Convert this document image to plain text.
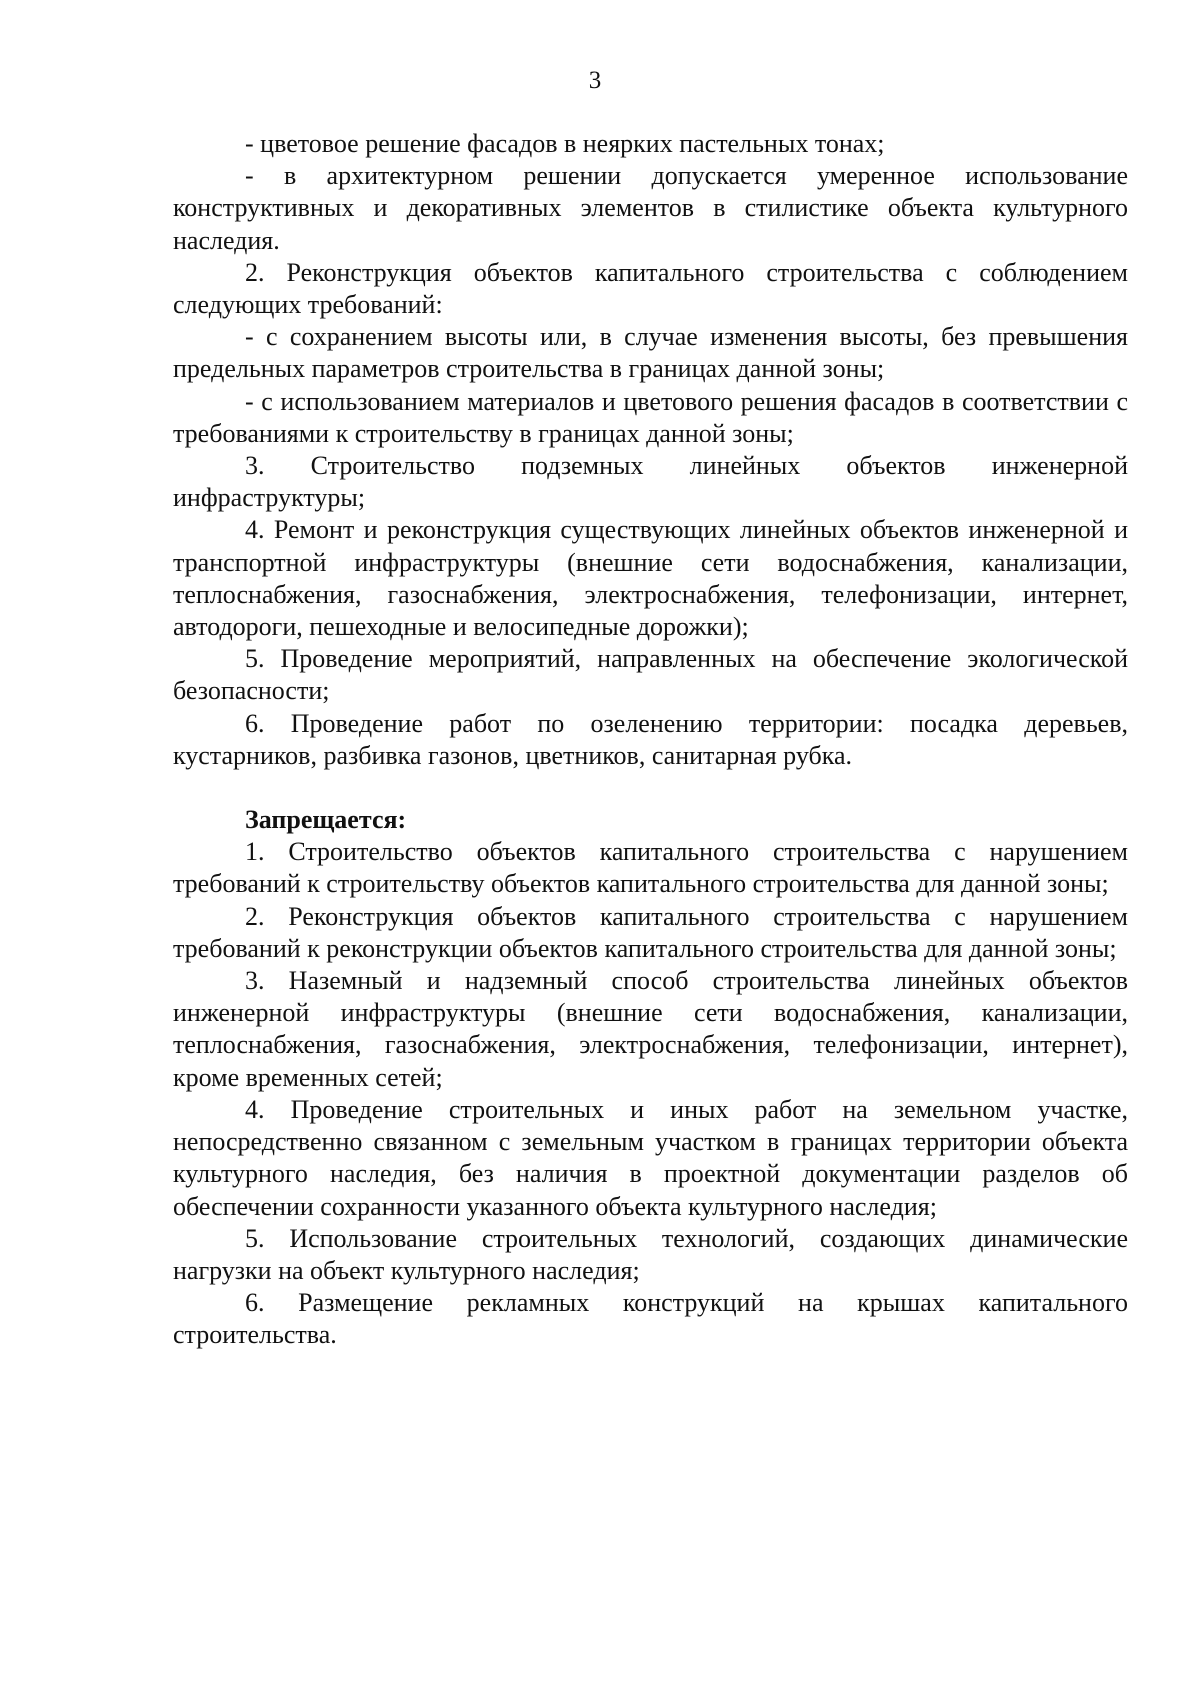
3

- цветовое решение фасадов в неярких пастельных тонах;

- в архитектурном решении допускается умеренное использование конструктивных и декоративных элементов в стилистике объекта культурного наследия.

2. Реконструкция объектов капитального строительства с соблюдением следующих требований:

- с сохранением высоты или, в случае изменения высоты, без превышения предельных параметров строительства в границах данной зоны;

- с использованием материалов и цветового решения фасадов в соответствии с требованиями к строительству в границах данной зоны;

3. Строительство подземных линейных объектов инженерной инфраструктуры;

4. Ремонт и реконструкция существующих линейных объектов инженерной и транспортной инфраструктуры (внешние сети водоснабжения, канализации, теплоснабжения, газоснабжения, электроснабжения, телефонизации, интернет, автодороги, пешеходные и велосипедные дорожки);

5. Проведение мероприятий, направленных на обеспечение экологической безопасности;

6. Проведение работ по озеленению территории: посадка деревьев, кустарников, разбивка газонов, цветников, санитарная рубка.

Запрещается:

1. Строительство объектов капитального строительства с нарушением требований к строительству объектов капитального строительства для данной зоны;

2. Реконструкция объектов капитального строительства с нарушением требований к реконструкции объектов капитального строительства для данной зоны;

3. Наземный и надземный способ строительства линейных объектов инженерной инфраструктуры (внешние сети водоснабжения, канализации, теплоснабжения, газоснабжения, электроснабжения, телефонизации, интернет), кроме временных сетей;

4. Проведение строительных и иных работ на земельном участке, непосредственно связанном с земельным участком в границах территории объекта культурного наследия, без наличия в проектной документации разделов об обеспечении сохранности указанного объекта культурного наследия;

5. Использование строительных технологий, создающих динамические нагрузки на объект культурного наследия;

6. Размещение рекламных конструкций на крышах капитального строительства.
